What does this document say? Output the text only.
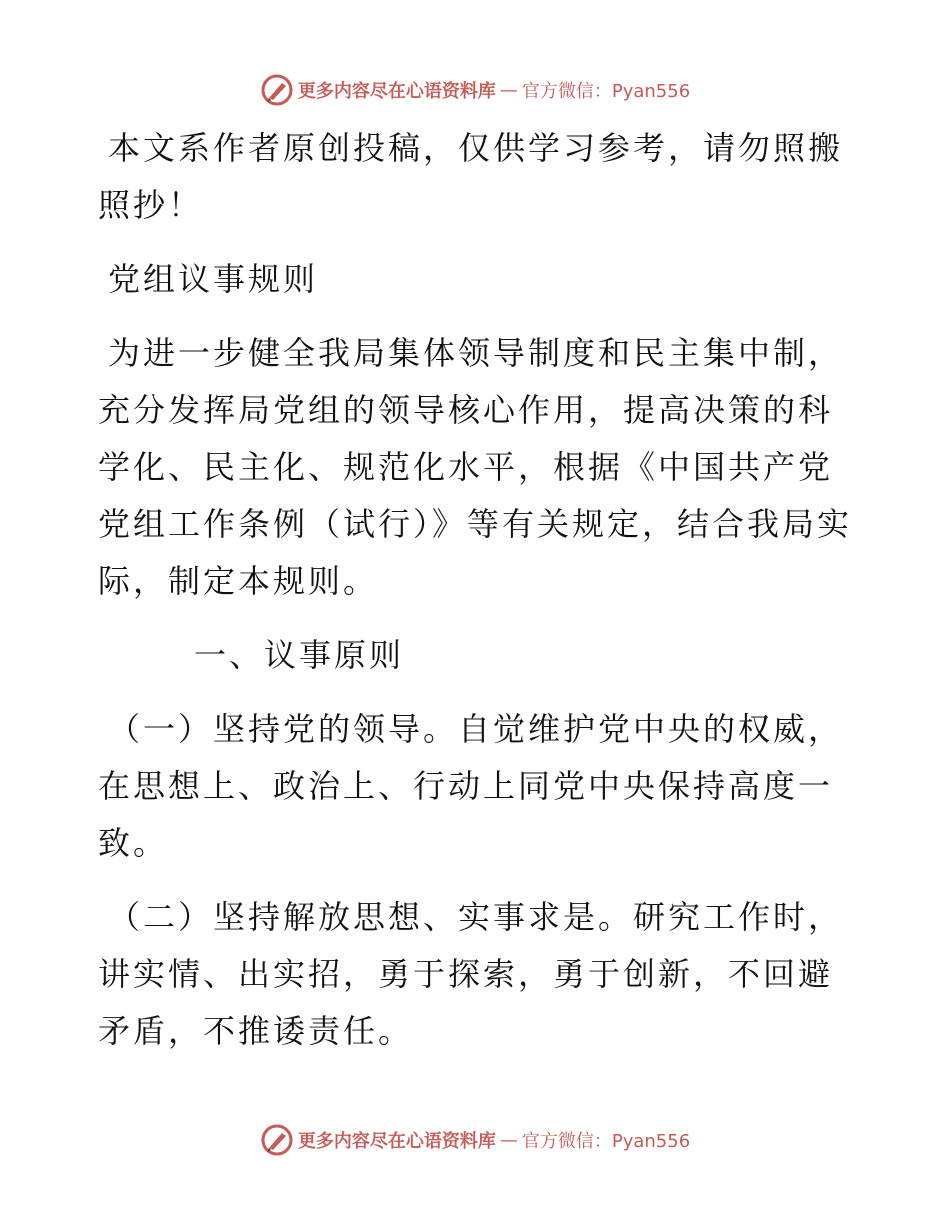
更多内容尽在心语资料库 — 官方微信：Pyan556

本文系作者原创投稿，仅供学习参考，请勿照搬照抄！

党组议事规则

为进一步健全我局集体领导制度和民主集中制，充分发挥局党组的领导核心作用，提高决策的科学化、民主化、规范化水平，根据《中国共产党党组工作条例（试行）》等有关规定，结合我局实际，制定本规则。

一、议事原则

（一）坚持党的领导。自觉维护党中央的权威，在思想上、政治上、行动上同党中央保持高度一致。

（二）坚持解放思想、实事求是。研究工作时，讲实情、出实招，勇于探索，勇于创新，不回避矛盾，不推诿责任。

更多内容尽在心语资料库 — 官方微信：Pyan556
